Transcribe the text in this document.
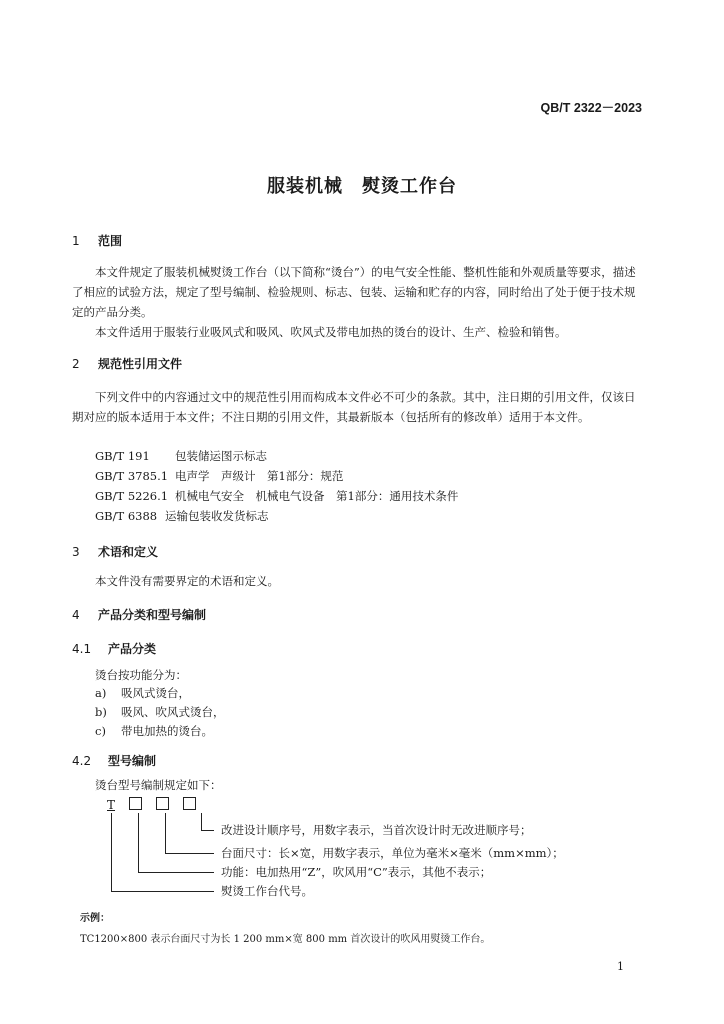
QB/T 2322－2023
服装机械　熨烫工作台
1 范围
本文件规定了服装机械熨烫工作台（以下简称“烫台”）的电气安全性能、整机性能和外观质量等要求，描述了相应的试验方法，规定了型号编制、检验规则、标志、包装、运输和贮存的内容，同时给出了处于便于技术规定的产品分类。
本文件适用于服装行业吸风式和吸风、吹风式及带电加热的烫台的设计、生产、检验和销售。
2 规范性引用文件
下列文件中的内容通过文中的规范性引用而构成本文件必不可少的条款。其中，注日期的引用文件，仅该日期对应的版本适用于本文件；不注日期的引用文件，其最新版本（包括所有的修改单）适用于本文件。
GB/T 191 包装储运图示标志
GB/T 3785.1 电声学　声级计　第1部分：规范
GB/T 5226.1 机械电气安全　机械电气设备　第1部分：通用技术条件
GB/T 6388 运输包装收发货标志
3 术语和定义
本文件没有需要界定的术语和定义。
4 产品分类和型号编制
4.1 产品分类
烫台按功能分为：
a) 吸风式烫台，
b) 吸风、吹风式烫台，
c) 带电加热的烫台。
4.2 型号编制
烫台型号编制规定如下：
T
改进设计顺序号，用数字表示，当首次设计时无改进顺序号；
台面尺寸：长×宽，用数字表示，单位为毫米×毫米（mm×mm）；
功能：电加热用“Z”，吹风用“C”表示，其他不表示；
熨烫工作台代号。
示例：
TC1200×800 表示台面尺寸为长 1 200 mm×宽 800 mm 首次设计的吹风用熨烫工作台。
1
